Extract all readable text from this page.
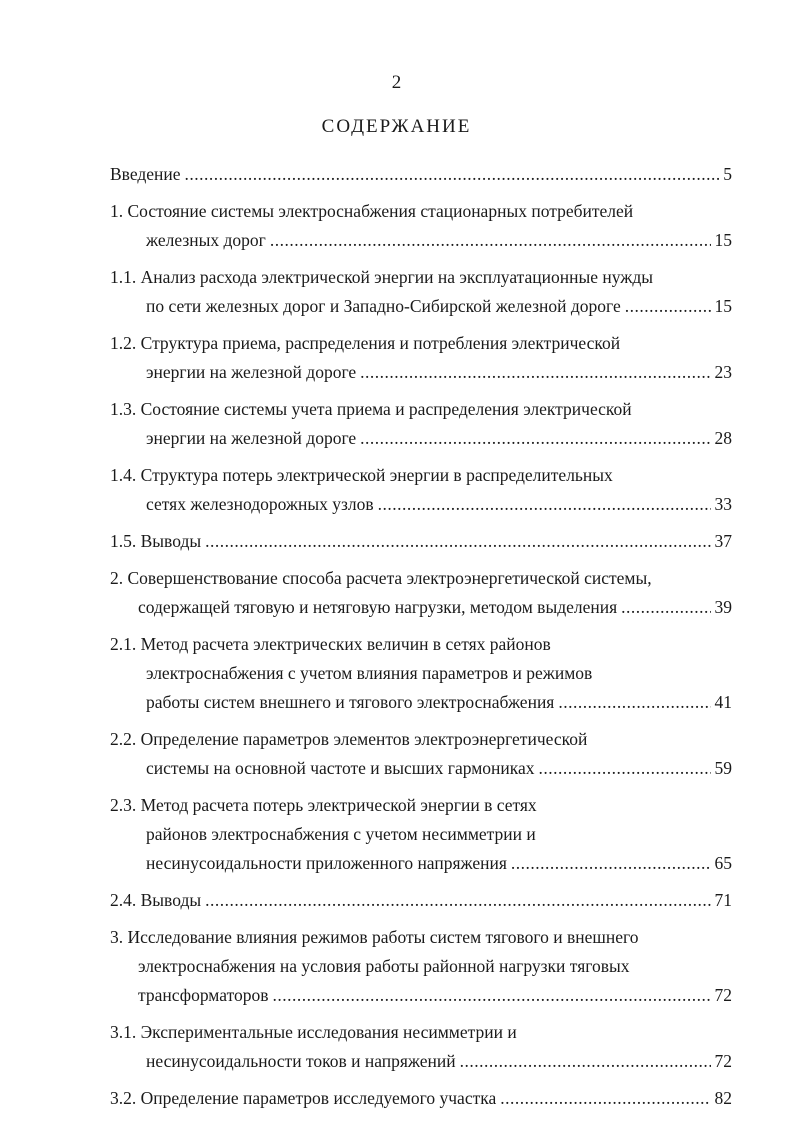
2
СОДЕРЖАНИЕ
Введение .....	5
1. Состояние системы электроснабжения стационарных потребителей
железных дорог .....	15
1.1. Анализ расхода электрической энергии на эксплуатационные нужды
по сети железных дорог и Западно-Сибирской железной дороге .....	15
1.2. Структура приема, распределения и потребления электрической
энергии на железной дороге .....	23
1.3. Состояние системы учета приема и распределения электрической
энергии на железной дороге .....	28
1.4. Структура потерь электрической энергии в распределительных
сетях железнодорожных узлов .....	33
1.5. Выводы .....	37
2. Совершенствование способа расчета электроэнергетической системы,
содержащей тяговую и нетяговую нагрузки, методом выделения .....	39
2.1. Метод расчета электрических величин в сетях районов
электроснабжения с учетом влияния параметров и режимов
работы систем внешнего и тягового электроснабжения .....	41
2.2. Определение параметров элементов электроэнергетической
системы на основной частоте и высших гармониках .....	59
2.3. Метод расчета потерь электрической энергии в сетях
районов электроснабжения с учетом несимметрии и
несинусоидальности приложенного напряжения .....	65
2.4. Выводы .....	71
3. Исследование влияния режимов работы систем тягового и внешнего
электроснабжения на условия работы районной нагрузки тяговых
трансформаторов .....	72
3.1. Экспериментальные исследования несимметрии и
несинусоидальности токов и напряжений .....	72
3.2. Определение параметров исследуемого участка .....	82
